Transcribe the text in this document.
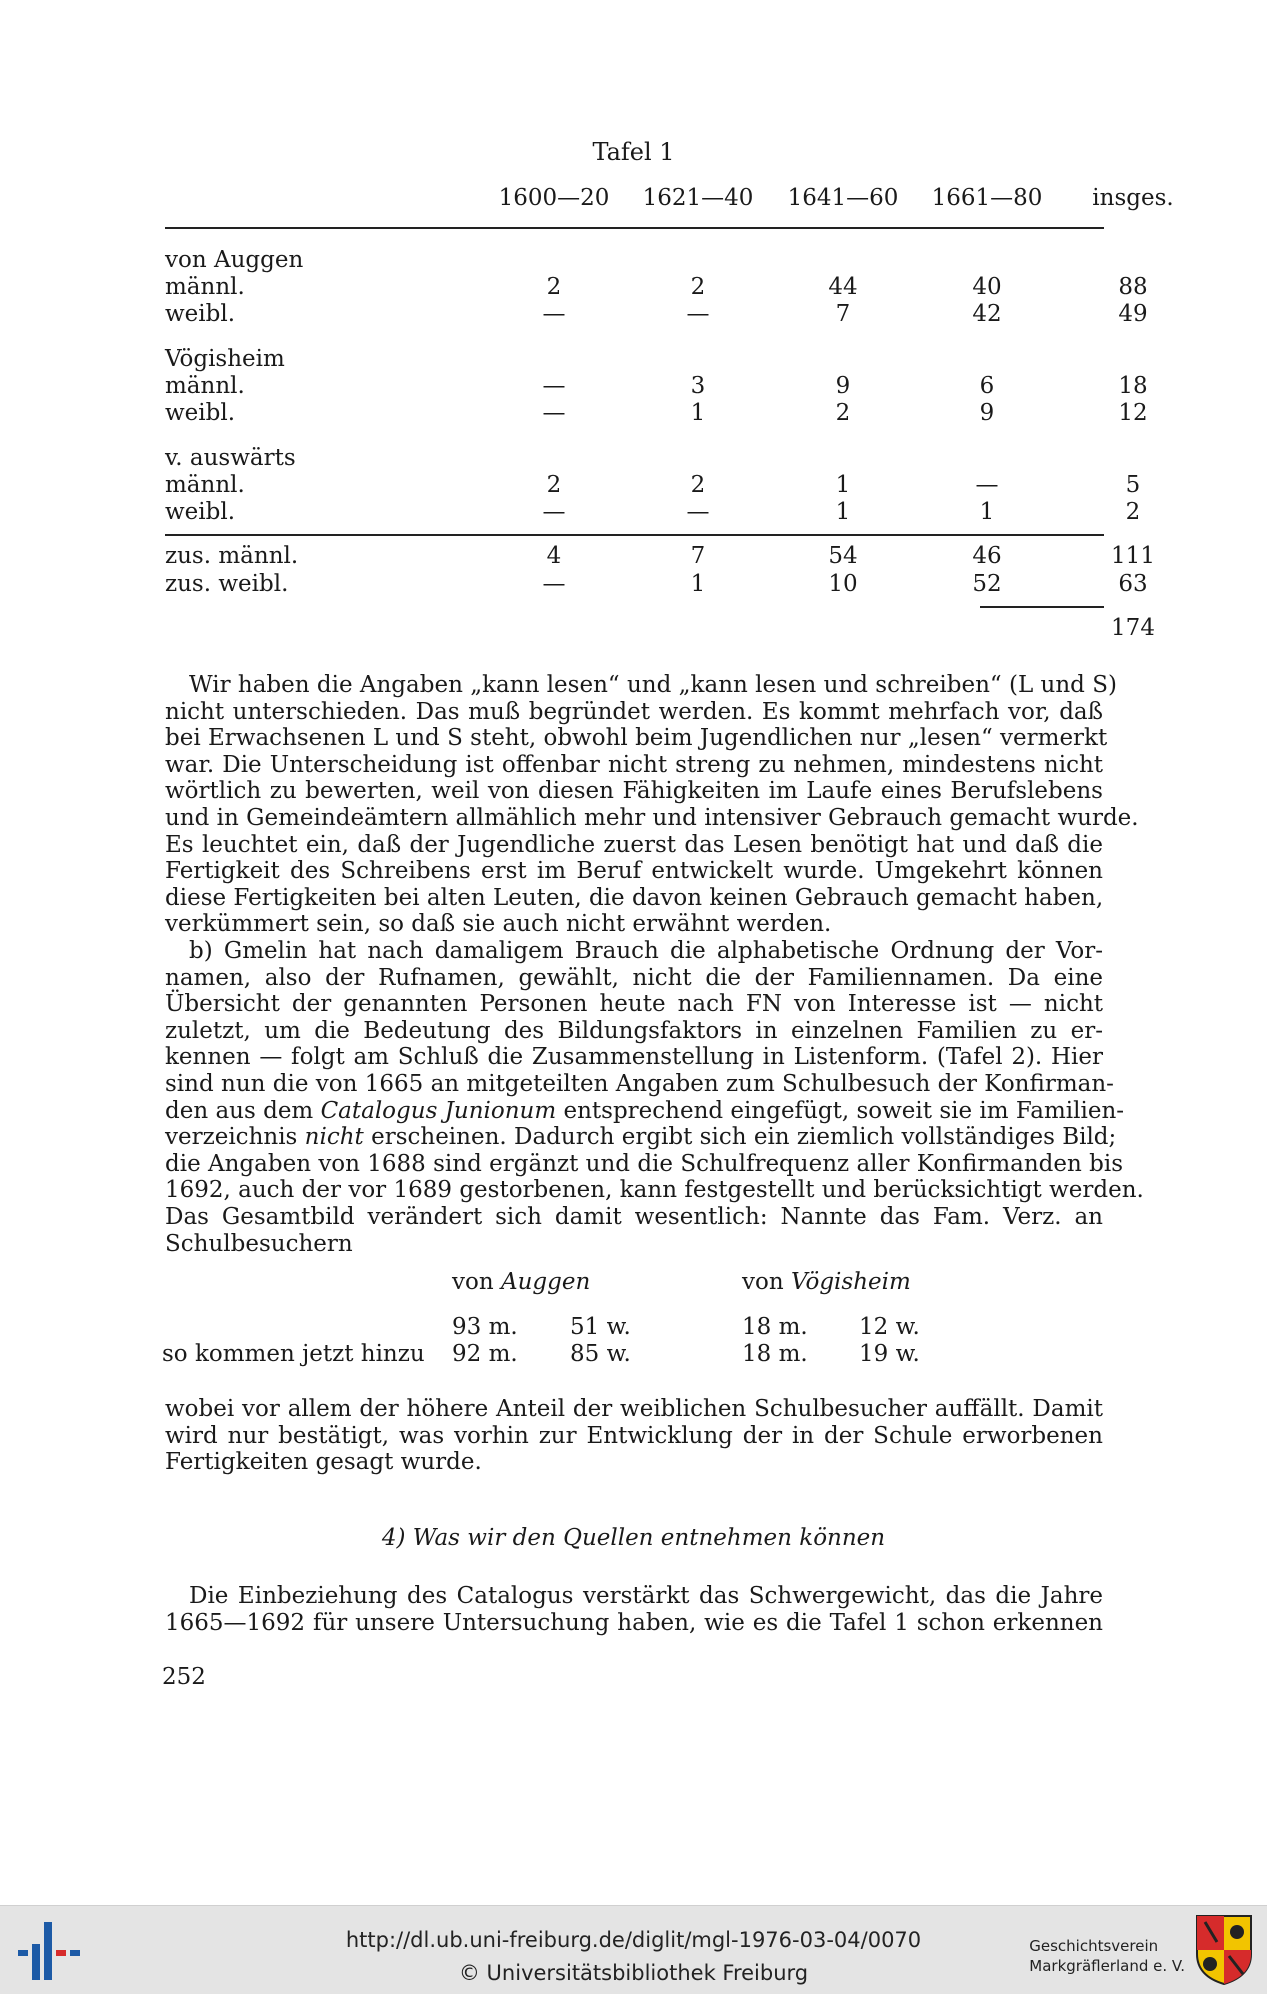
Tafel 1
1600—20 1621—40 1641—60 1661—80	insges.
von Auggen
männl.	2	2	44	40	88
weibl.	—	—	7	42	49
Vögisheim
männl.	—	3	9	6	18
weibl.	—	1	2	9	12
v. auswärts
männl.	2	2	1	—	5
weibl.	—	—	1	1	2
zus. männl.	4	7	54	46	111
zus. weibl.	—	1	10	52	63
174
Wir haben die Angaben „kann lesen“ und „kann lesen und schreiben“ (L und S)
nicht unterschieden. Das muß begründet werden. Es kommt mehrfach vor, daß
bei Erwachsenen L und S steht, obwohl beim Jugendlichen nur „lesen“ vermerkt
war. Die Unterscheidung ist offenbar nicht streng zu nehmen, mindestens nicht
wörtlich zu bewerten, weil von diesen Fähigkeiten im Laufe eines Berufslebens
und in Gemeindeämtern allmählich mehr und intensiver Gebrauch gemacht wurde.
Es leuchtet ein, daß der Jugendliche zuerst das Lesen benötigt hat und daß die
Fertigkeit des Schreibens erst im Beruf entwickelt wurde. Umgekehrt können
diese Fertigkeiten bei alten Leuten, die davon keinen Gebrauch gemacht haben,
verkümmert sein, so daß sie auch nicht erwähnt werden.
b) Gmelin hat nach damaligem Brauch die alphabetische Ordnung der Vor-
namen, also der Rufnamen, gewählt, nicht die der Familiennamen. Da eine
Übersicht der genannten Personen heute nach FN von Interesse ist — nicht
zuletzt, um die Bedeutung des Bildungsfaktors in einzelnen Familien zu er-
kennen — folgt am Schluß die Zusammenstellung in Listenform. (Tafel 2). Hier
sind nun die von 1665 an mitgeteilten Angaben zum Schulbesuch der Konfirman-
den aus dem Catalogus Junionum entsprechend eingefügt, soweit sie im Familien-
verzeichnis nicht erscheinen. Dadurch ergibt sich ein ziemlich vollständiges Bild;
die Angaben von 1688 sind ergänzt und die Schulfrequenz aller Konfirmanden bis
1692, auch der vor 1689 gestorbenen, kann festgestellt und berücksichtigt werden.
Das Gesamtbild verändert sich damit wesentlich: Nannte das Fam. Verz. an
Schulbesuchern
von Auggen	von Vögisheim
93 m. 51 w.	18 m. 12 w.
so kommen jetzt hinzu 92 m. 85 w.	18 m. 19 w.
wobei vor allem der höhere Anteil der weiblichen Schulbesucher auffällt. Damit
wird nur bestätigt, was vorhin zur Entwicklung der in der Schule erworbenen
Fertigkeiten gesagt wurde.
4) Was wir den Quellen entnehmen können
Die Einbeziehung des Catalogus verstärkt das Schwergewicht, das die Jahre
1665—1692 für unsere Untersuchung haben, wie es die Tafel 1 schon erkennen
252
http://dl.ub.uni-freiburg.de/diglit/mgl-1976-03-04/0070
© Universitätsbibliothek Freiburg
Geschichtsverein
Markgräflerland e. V.
